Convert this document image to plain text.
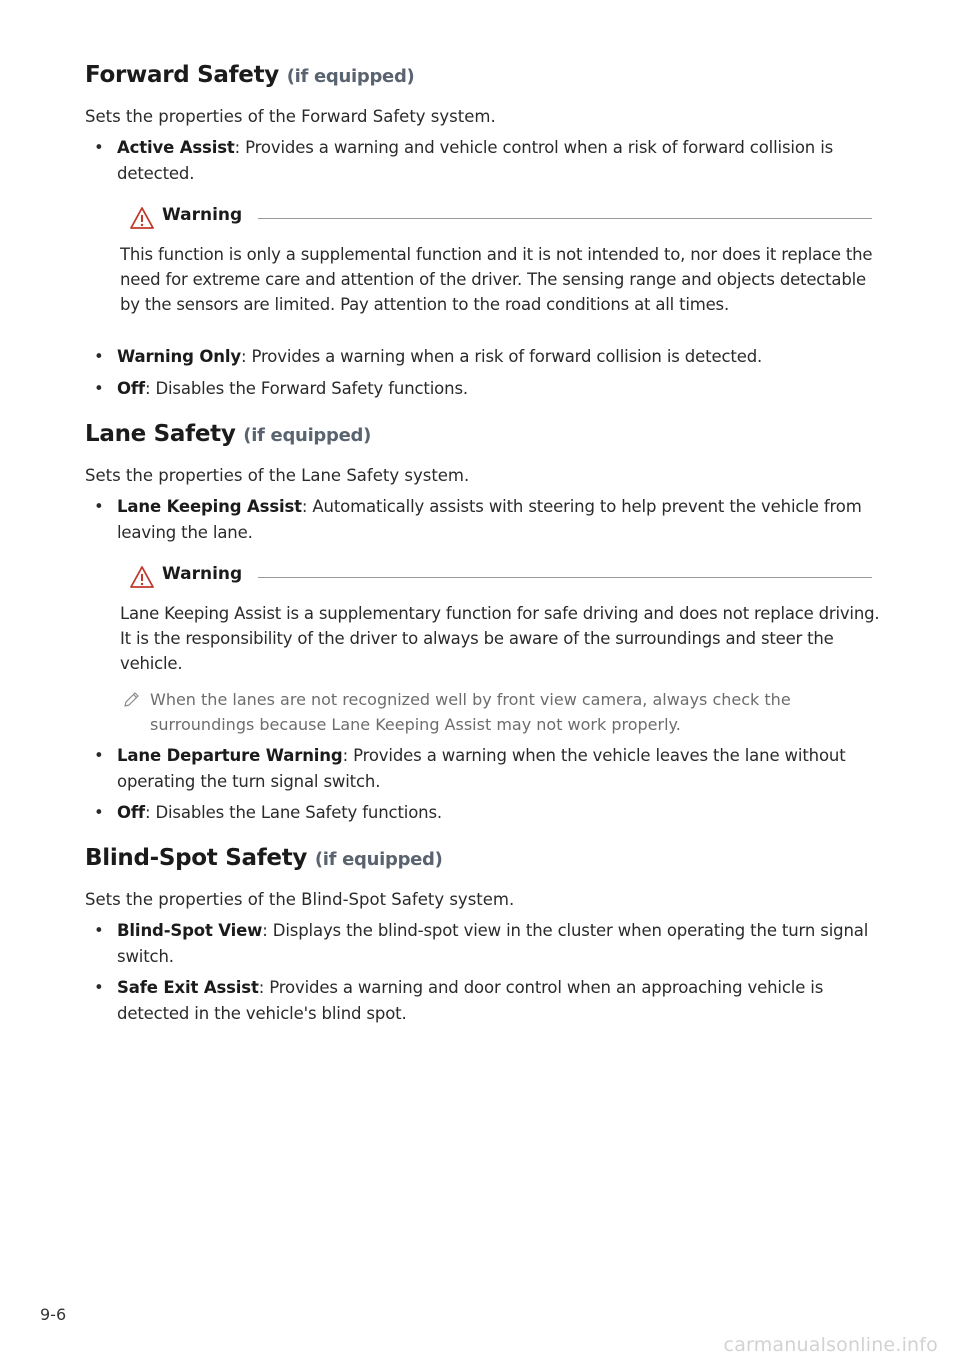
Forward Safety (if equipped)

Sets the properties of the Forward Safety system.

• Active Assist: Provides a warning and vehicle control when a risk of forward collision is detected.
Warning

This function is only a supplemental function and it is not intended to, nor does it replace the need for extreme care and attention of the driver. The sensing range and objects detectable by the sensors are limited. Pay attention to the road conditions at all times.

• Warning Only: Provides a warning when a risk of forward collision is detected.
• Off: Disables the Forward Safety functions.
Lane Safety (if equipped)

Sets the properties of the Lane Safety system.

• Lane Keeping Assist: Automatically assists with steering to help prevent the vehicle from leaving the lane.
Warning

Lane Keeping Assist is a supplementary function for safe driving and does not replace driving. It is the responsibility of the driver to always be aware of the surroundings and steer the vehicle.

When the lanes are not recognized well by front view camera, always check the surroundings because Lane Keeping Assist may not work properly.
• Lane Departure Warning: Provides a warning when the vehicle leaves the lane without operating the turn signal switch.
• Off: Disables the Lane Safety functions.
Blind-Spot Safety (if equipped)

Sets the properties of the Blind-Spot Safety system.

• Blind-Spot View: Displays the blind-spot view in the cluster when operating the turn signal switch.
• Safe Exit Assist: Provides a warning and door control when an approaching vehicle is detected in the vehicle's blind spot.
9-6
carmanualsonline.info
